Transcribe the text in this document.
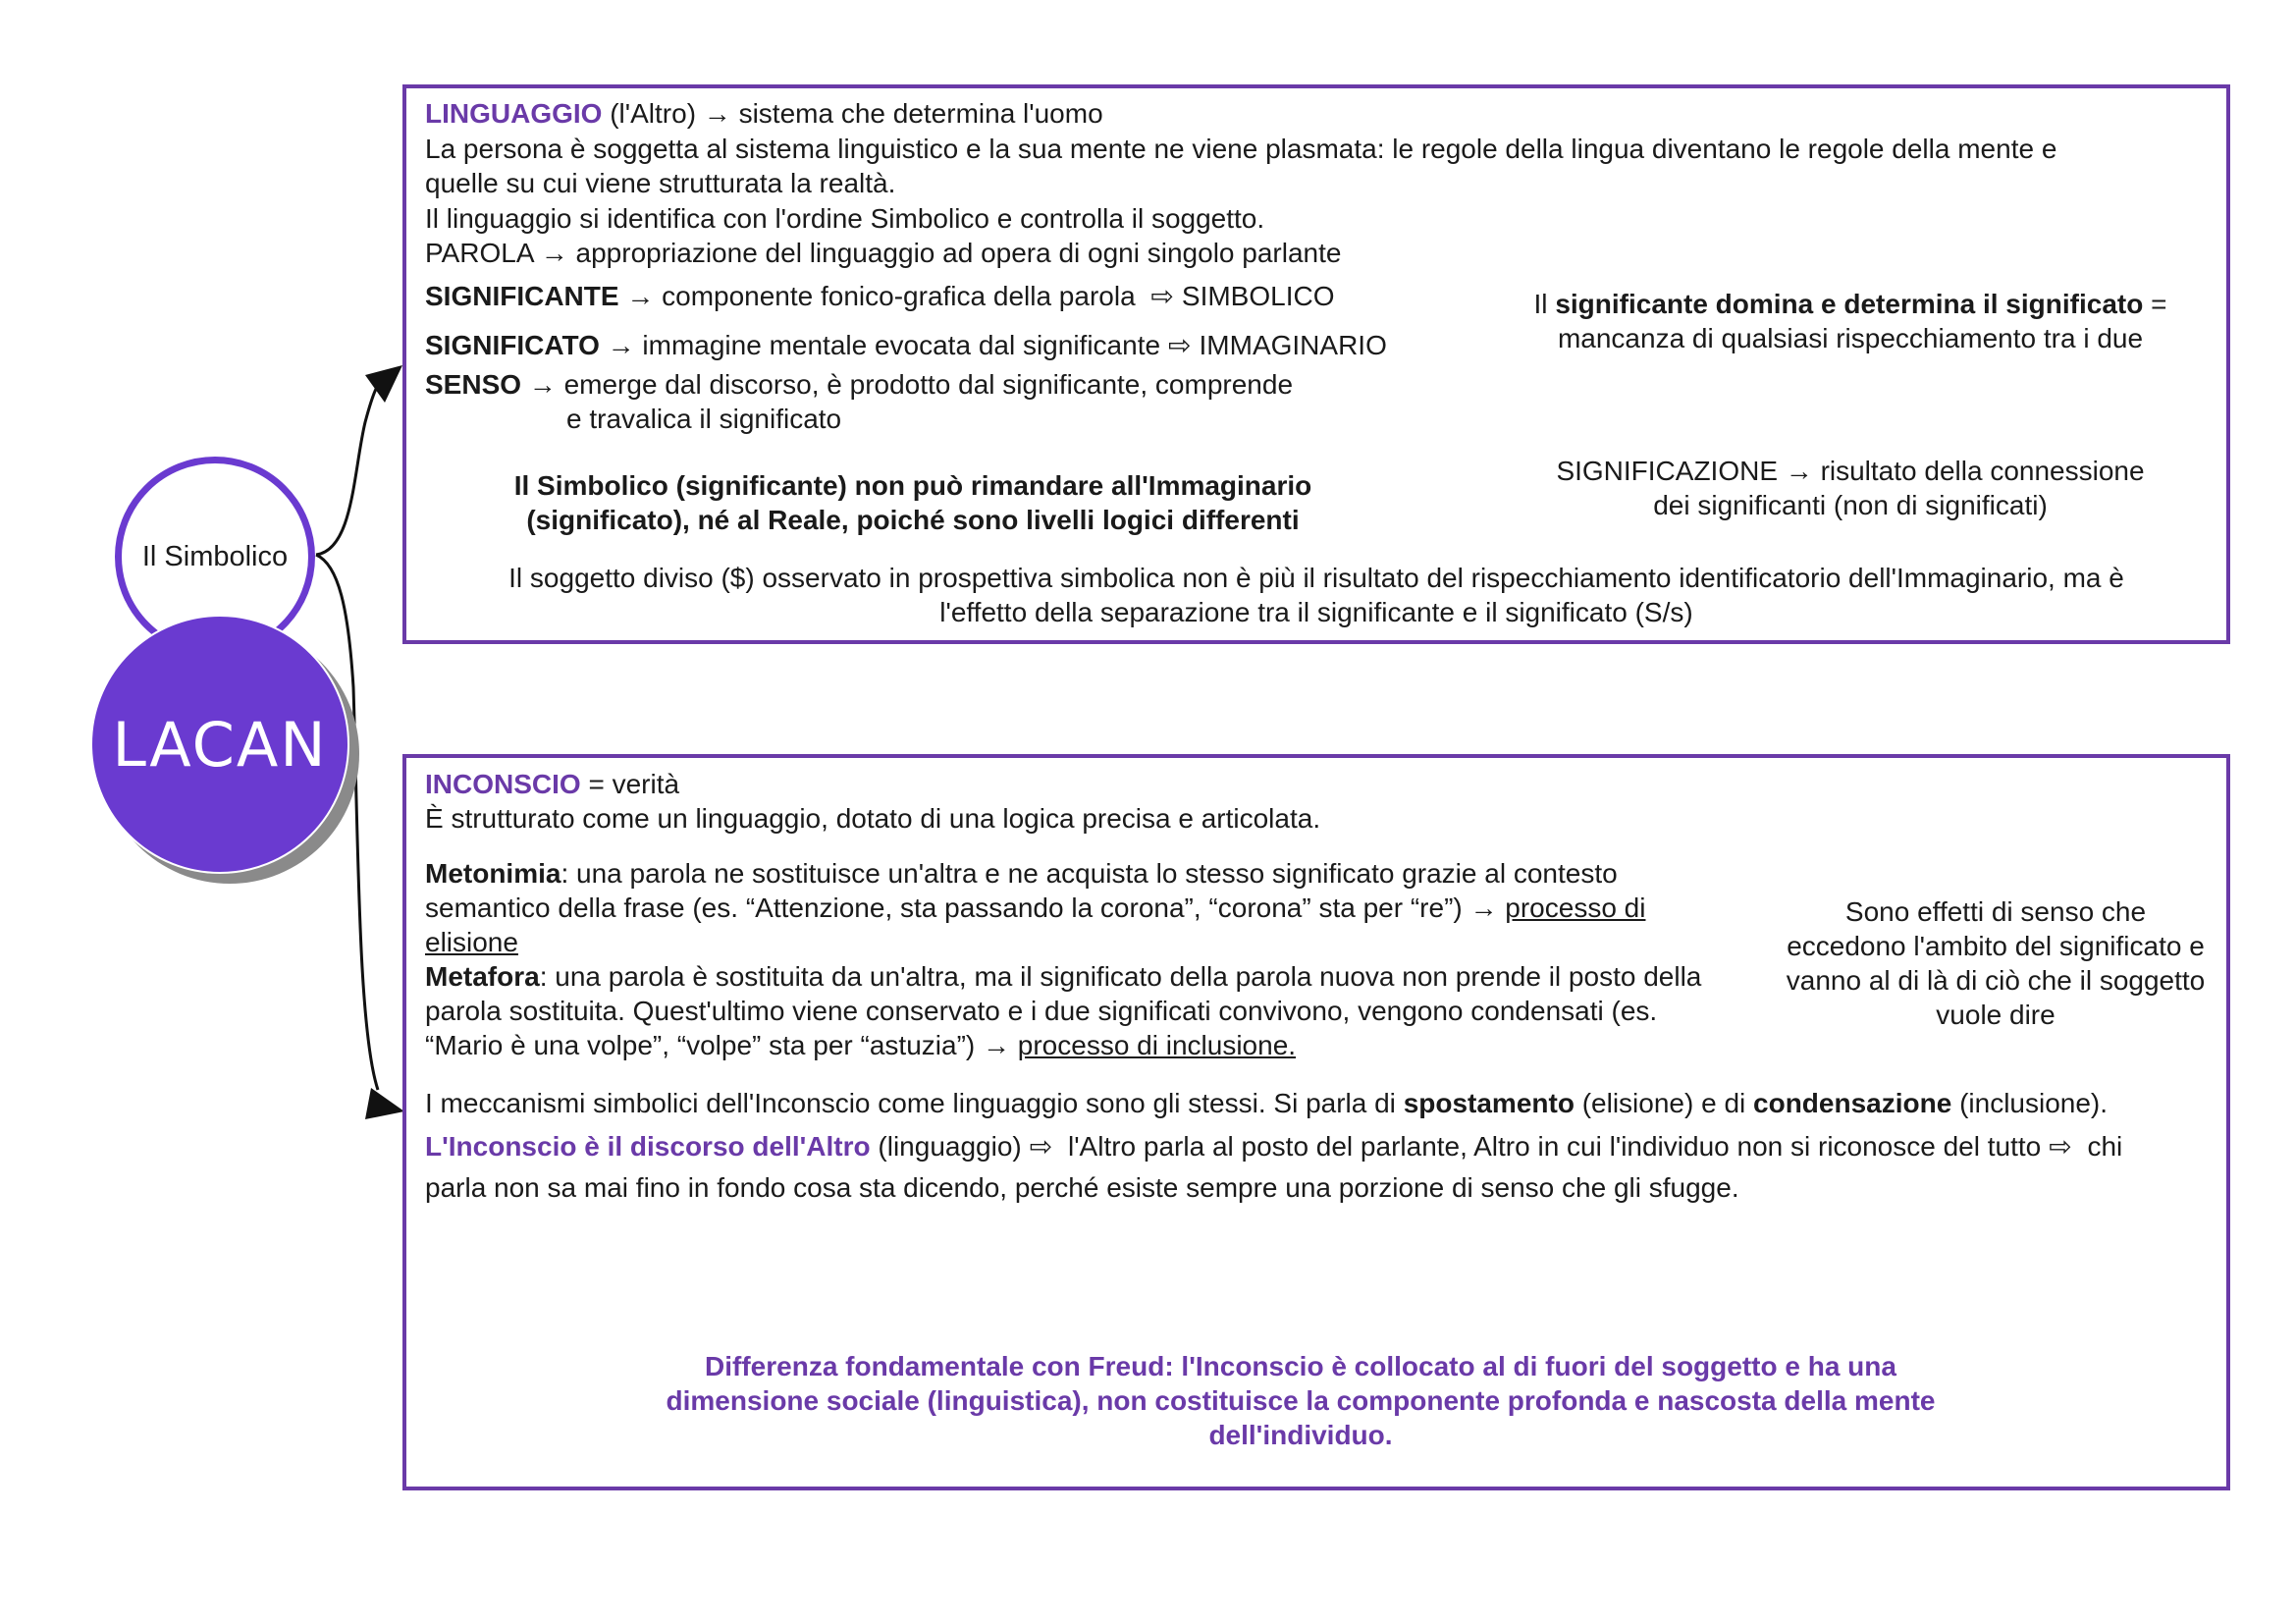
Il Simbolico
LACAN
LINGUAGGIO (l'Altro) → sistema che determina l'uomo
La persona è soggetta al sistema linguistico e la sua mente ne viene plasmata: le regole della lingua diventano le regole della mente e
quelle su cui viene strutturata la realtà.
Il linguaggio si identifica con l'ordine Simbolico e controlla il soggetto.
PAROLA → appropriazione del linguaggio ad opera di ogni singolo parlante
SIGNIFICANTE → componente fonico-grafica della parola ⇨ SIMBOLICO
SIGNIFICATO → immagine mentale evocata dal significante ⇨ IMMAGINARIO
SENSO → emerge dal discorso, è prodotto dal significante, comprende
e travalica il significato
Il significante domina e determina il significato =
mancanza di qualsiasi rispecchiamento tra i due
SIGNIFICAZIONE → risultato della connessione
dei significanti (non di significati)
Il Simbolico (significante) non può rimandare all'Immaginario
(significato), né al Reale, poiché sono livelli logici differenti
Il soggetto diviso ($) osservato in prospettiva simbolica non è più il risultato del rispecchiamento identificatorio dell'Immaginario, ma è
l'effetto della separazione tra il significante e il significato (S/s)
INCONSCIO = verità
È strutturato come un linguaggio, dotato di una logica precisa e articolata.
Metonimia: una parola ne sostituisce un'altra e ne acquista lo stesso significato grazie al contesto semantico della frase (es. “Attenzione, sta passando la corona”, “corona” sta per “re”) → processo di elisione
Metafora: una parola è sostituita da un'altra, ma il significato della parola nuova non prende il posto della parola sostituita. Quest'ultimo viene conservato e i due significati convivono, vengono condensati (es. “Mario è una volpe”, “volpe” sta per “astuzia”) → processo di inclusione.
Sono effetti di senso che eccedono l'ambito del significato e vanno al di là di ciò che il soggetto vuole dire
I meccanismi simbolici dell'Inconscio come linguaggio sono gli stessi. Si parla di spostamento (elisione) e di condensazione (inclusione).
L'Inconscio è il discorso dell'Altro (linguaggio) ⇨ l'Altro parla al posto del parlante, Altro in cui l'individuo non si riconosce del tutto ⇨ chi
parla non sa mai fino in fondo cosa sta dicendo, perché esiste sempre una porzione di senso che gli sfugge.
Differenza fondamentale con Freud: l'Inconscio è collocato al di fuori del soggetto e ha una
dimensione sociale (linguistica), non costituisce la componente profonda e nascosta della mente
dell'individuo.
